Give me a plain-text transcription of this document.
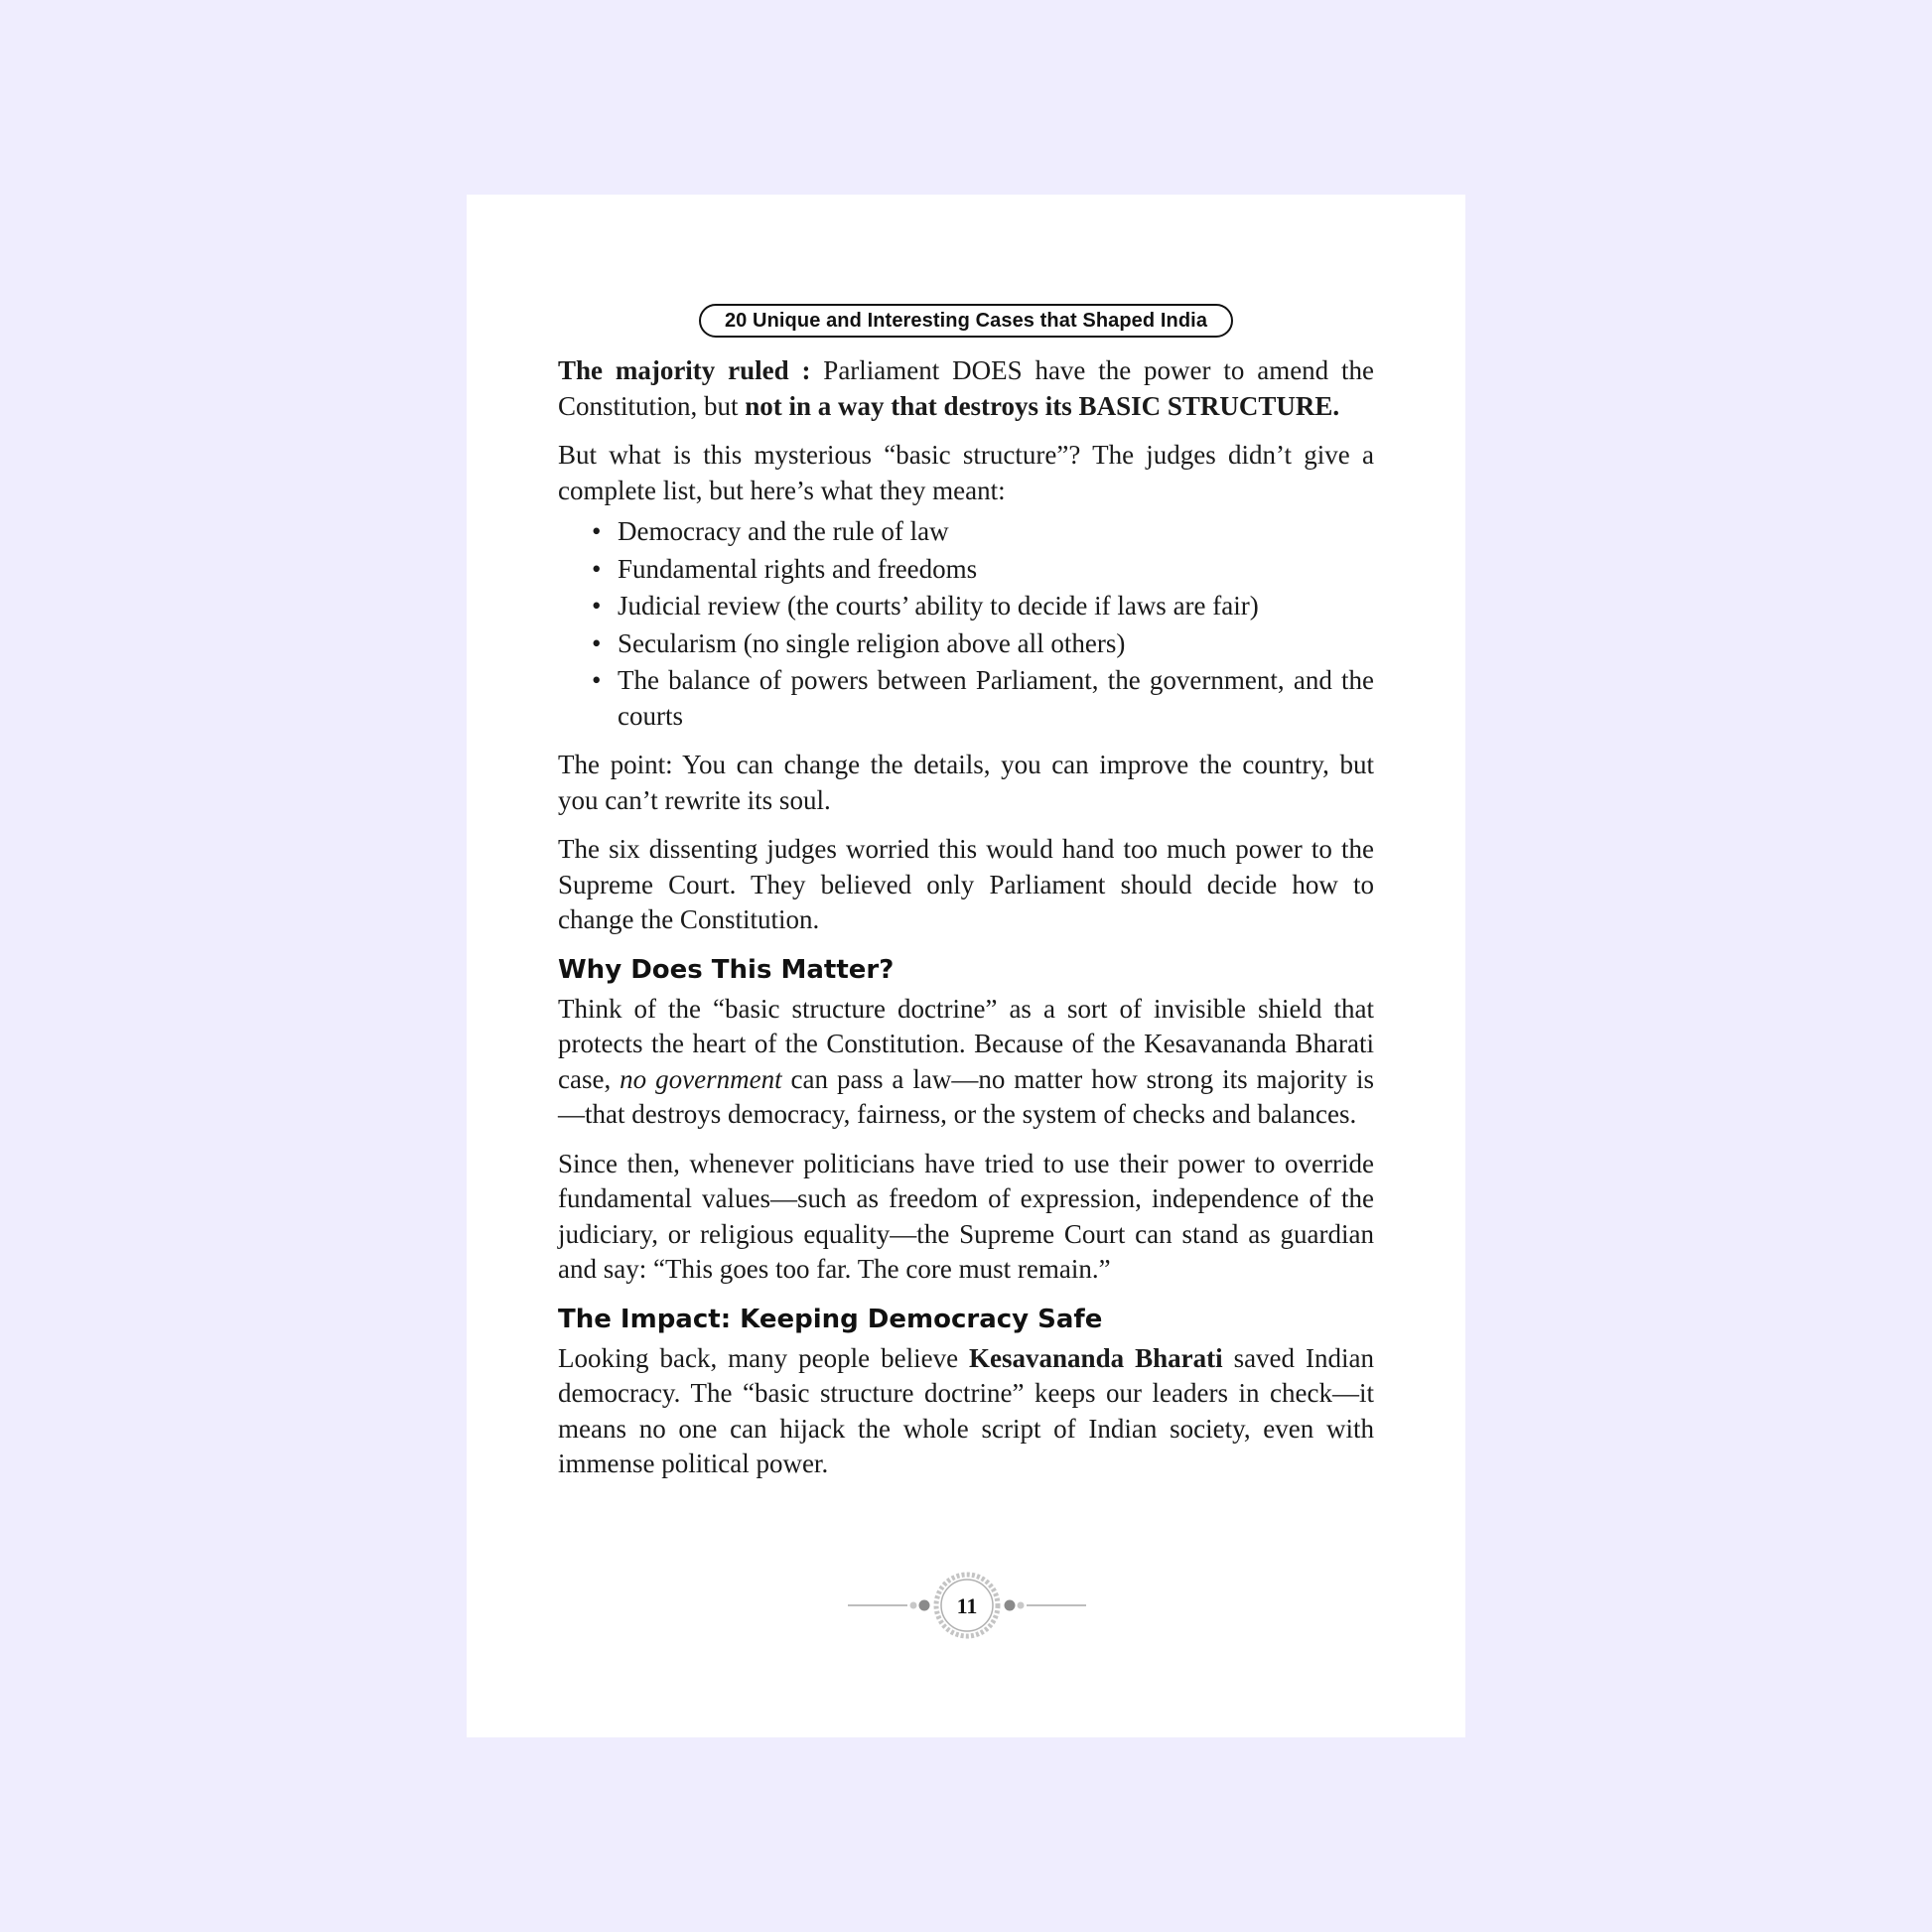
20 Unique and Interesting Cases that Shaped India

The majority ruled : Parliament DOES have the power to amend the Constitution, but not in a way that destroys its BASIC STRUCTURE.

But what is this mysterious “basic structure”? The judges didn’t give a complete list, but here’s what they meant:

• Democracy and the rule of law
• Fundamental rights and freedoms
• Judicial review (the courts’ ability to decide if laws are fair)
• Secularism (no single religion above all others)
• The balance of powers between Parliament, the government, and the courts

The point: You can change the details, you can improve the country, but you can’t rewrite its soul.

The six dissenting judges worried this would hand too much power to the Supreme Court. They believed only Parliament should decide how to change the Constitution.

Why Does This Matter?

Think of the “basic structure doctrine” as a sort of invisible shield that protects the heart of the Constitution. Because of the Kesavananda Bharati case, no government can pass a law—no matter how strong its majority is—that destroys democracy, fairness, or the system of checks and balances.

Since then, whenever politicians have tried to use their power to override fundamental values—such as freedom of expression, independence of the judiciary, or religious equality—the Supreme Court can stand as guardian and say: “This goes too far. The core must remain.”

The Impact: Keeping Democracy Safe

Looking back, many people believe Kesavananda Bharati saved Indian democracy. The “basic structure doctrine” keeps our leaders in check—it means no one can hijack the whole script of Indian society, even with immense political power.

11
